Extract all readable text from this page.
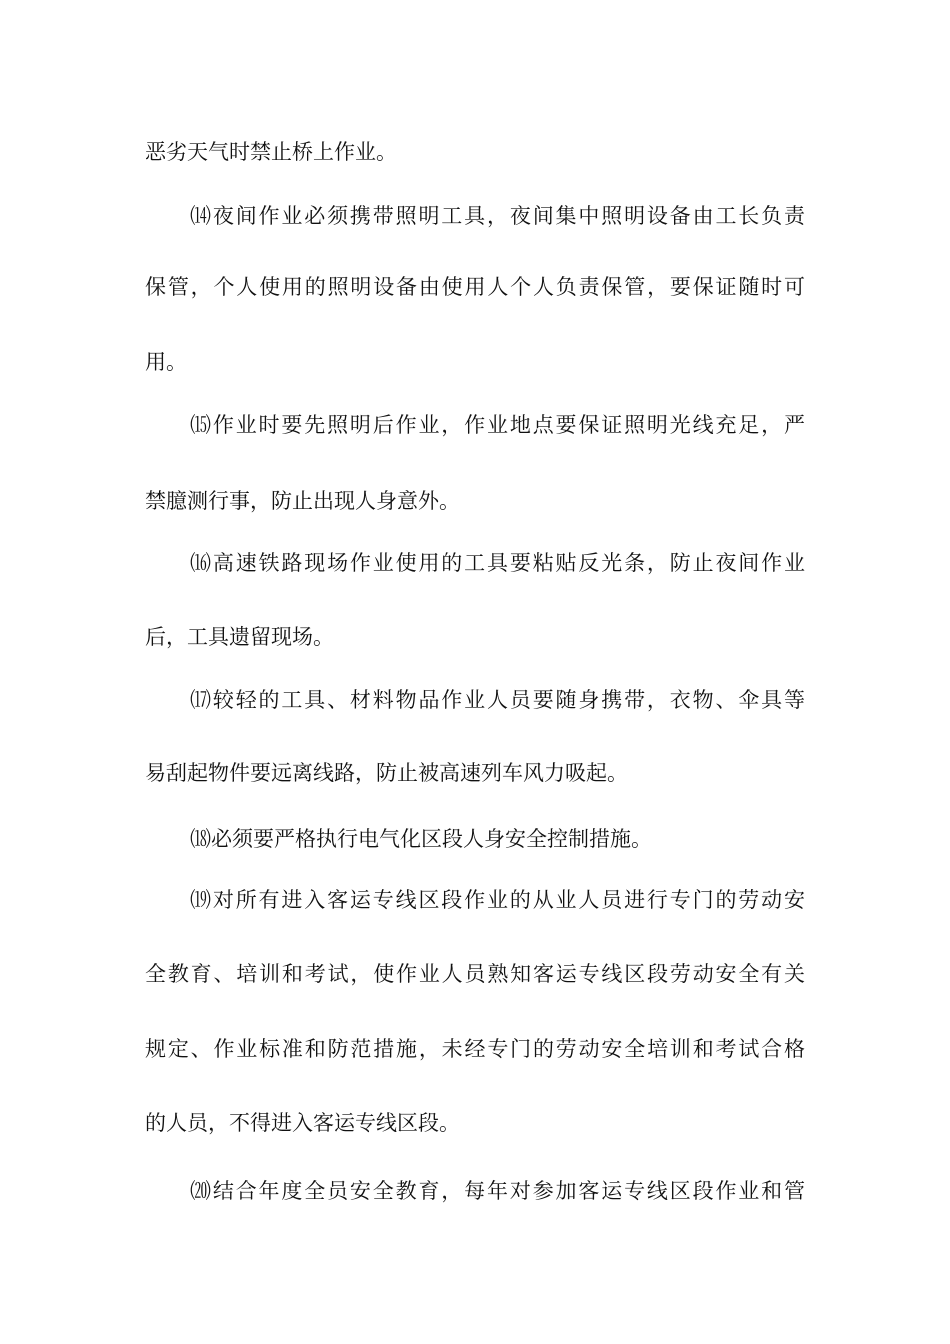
恶劣天气时禁止桥上作业。
⒁夜间作业必须携带照明工具，夜间集中照明设备由工长负责
保管，个人使用的照明设备由使用人个人负责保管，要保证随时可
用。
⒂作业时要先照明后作业，作业地点要保证照明光线充足，严
禁臆测行事，防止出现人身意外。
⒃高速铁路现场作业使用的工具要粘贴反光条，防止夜间作业
后，工具遗留现场。
⒄较轻的工具、材料物品作业人员要随身携带，衣物、伞具等
易刮起物件要远离线路，防止被高速列车风力吸起。
⒅必须要严格执行电气化区段人身安全控制措施。
⒆对所有进入客运专线区段作业的从业人员进行专门的劳动安
全教育、培训和考试，使作业人员熟知客运专线区段劳动安全有关
规定、作业标准和防范措施，未经专门的劳动安全培训和考试合格
的人员，不得进入客运专线区段。
⒇结合年度全员安全教育，每年对参加客运专线区段作业和管
